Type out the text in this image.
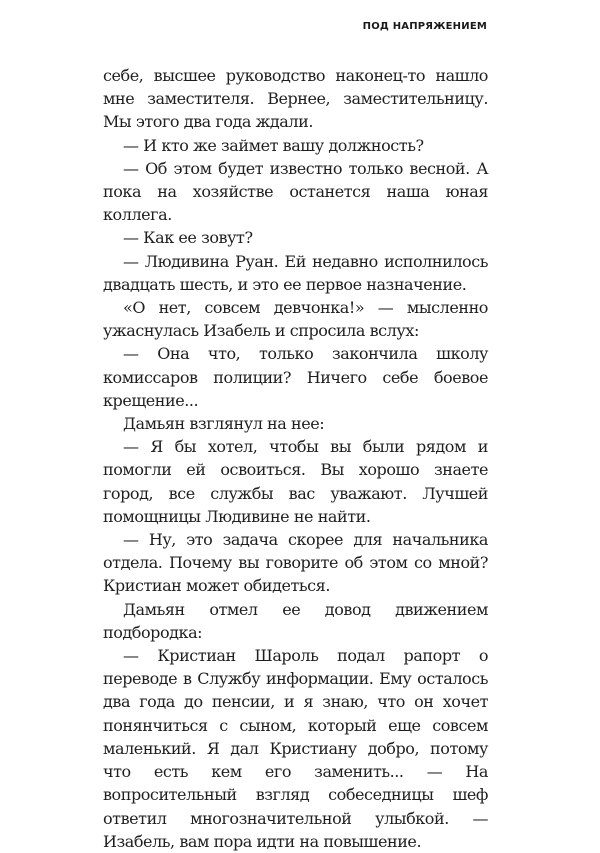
ПОД НАПРЯЖЕНИЕМ

себе, высшее руководство наконец-то нашло мне заместителя. Вернее, заместительницу. Мы этого два года ждали.

— И кто же займет вашу должность?

— Об этом будет известно только весной. А пока на хозяйстве останется наша юная коллега.

— Как ее зовут?

— Людивина Руан. Ей недавно исполнилось двадцать шесть, и это ее первое назначение.

«О нет, совсем девчонка!» — мысленно ужаснулась Изабель и спросила вслух:

— Она что, только закончила школу комиссаров полиции? Ничего себе боевое крещение...

Дамьян взглянул на нее:

— Я бы хотел, чтобы вы были рядом и помогли ей освоиться. Вы хорошо знаете город, все службы вас уважают. Лучшей помощницы Людивине не найти.

— Ну, это задача скорее для начальника отдела. Почему вы говорите об этом со мной? Кристиан может обидеться.

Дамьян отмел ее довод движением подбородка:

— Кристиан Шароль подал рапорт о переводе в Службу информации. Ему осталось два года до пенсии, и я знаю, что он хочет понянчиться с сыном, который еще совсем маленький. Я дал Кристиану добро, потому что есть кем его заменить... — На вопросительный взгляд собеседницы шеф ответил многозначительной улыбкой. — Изабель, вам пора идти на повышение.
